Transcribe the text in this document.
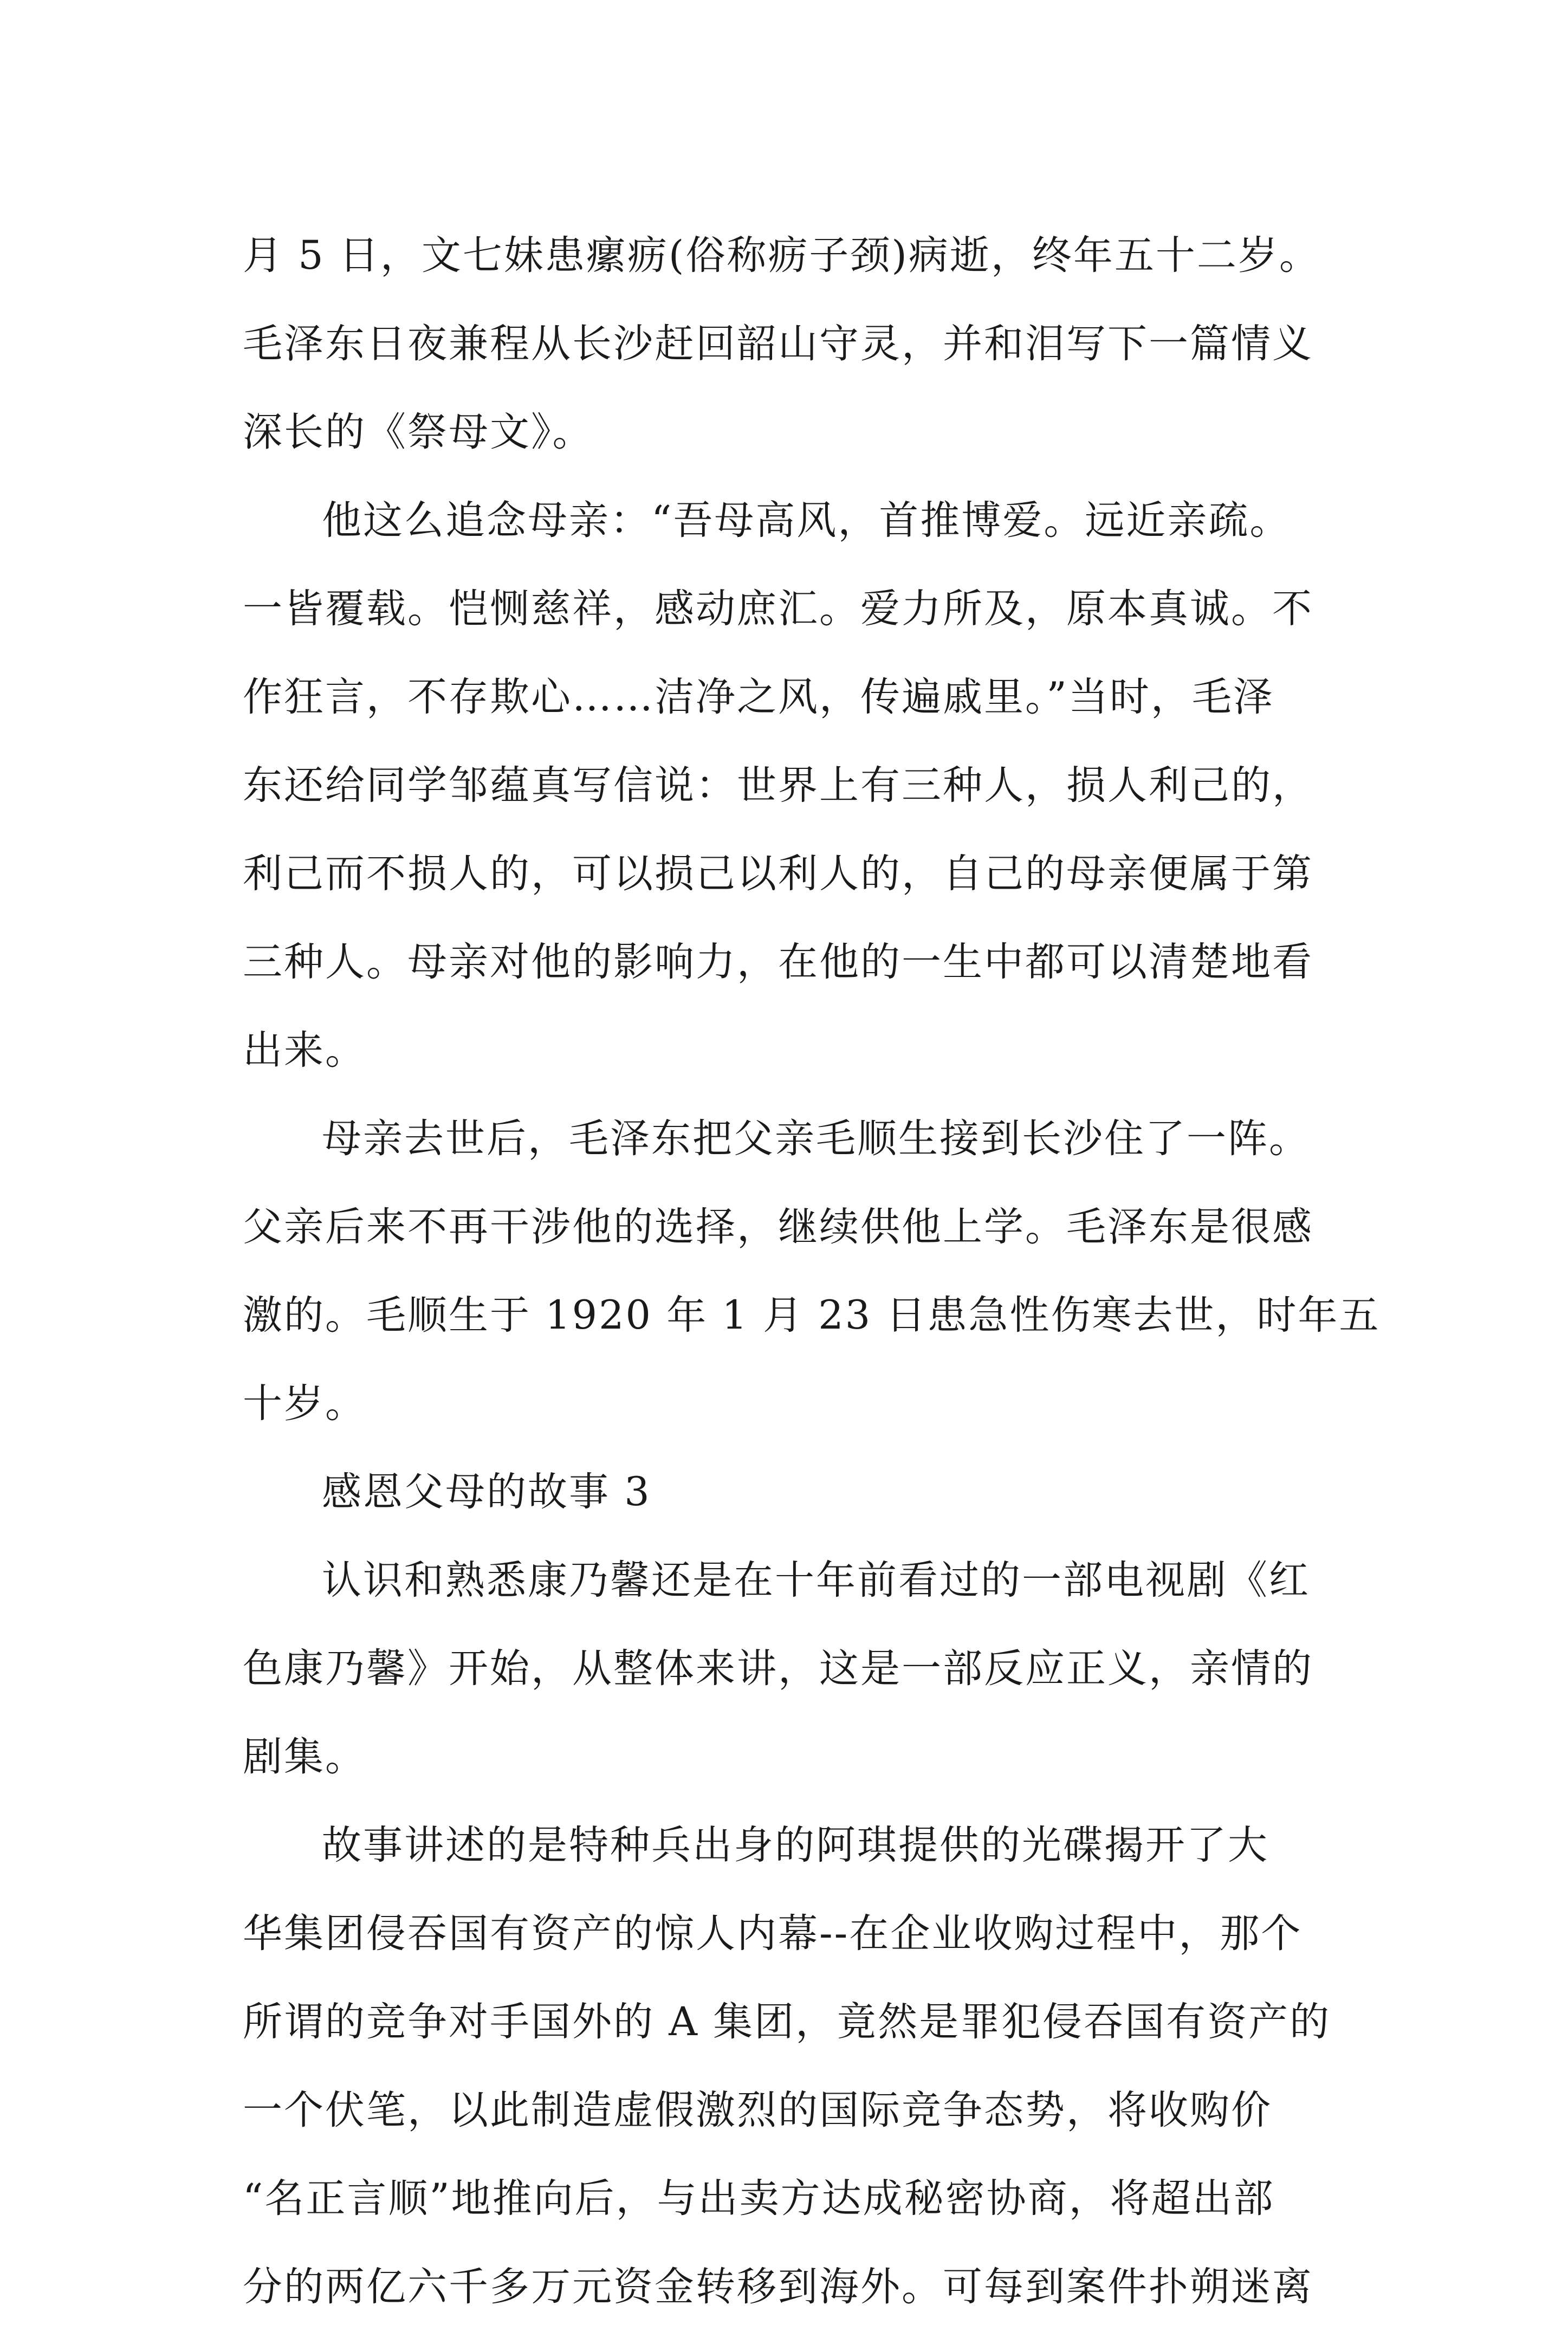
月 5 日，文七妹患瘰疬(俗称疬子颈)病逝，终年五十二岁。
毛泽东日夜兼程从长沙赶回韶山守灵，并和泪写下一篇情义
深长的《祭母文》。
他这么追念母亲：“吾母高风，首推博爱。远近亲疏。
一皆覆载。恺恻慈祥，感动庶汇。爱力所及，原本真诚。不
作狂言，不存欺心……洁净之风，传遍戚里。”当时，毛泽
东还给同学邹蕴真写信说：世界上有三种人，损人利己的，
利己而不损人的，可以损己以利人的，自己的母亲便属于第
三种人。母亲对他的影响力，在他的一生中都可以清楚地看
出来。
母亲去世后，毛泽东把父亲毛顺生接到长沙住了一阵。
父亲后来不再干涉他的选择，继续供他上学。毛泽东是很感
激的。毛顺生于 1920 年 1 月 23 日患急性伤寒去世，时年五
十岁。
感恩父母的故事 3
认识和熟悉康乃馨还是在十年前看过的一部电视剧《红
色康乃馨》开始，从整体来讲，这是一部反应正义，亲情的
剧集。
故事讲述的是特种兵出身的阿琪提供的光碟揭开了大
华集团侵吞国有资产的惊人内幕--在企业收购过程中，那个
所谓的竞争对手国外的 A 集团，竟然是罪犯侵吞国有资产的
一个伏笔，以此制造虚假激烈的国际竞争态势，将收购价
“名正言顺”地推向后，与出卖方达成秘密协商，将超出部
分的两亿六千多万元资金转移到海外。可每到案件扑朔迷离
